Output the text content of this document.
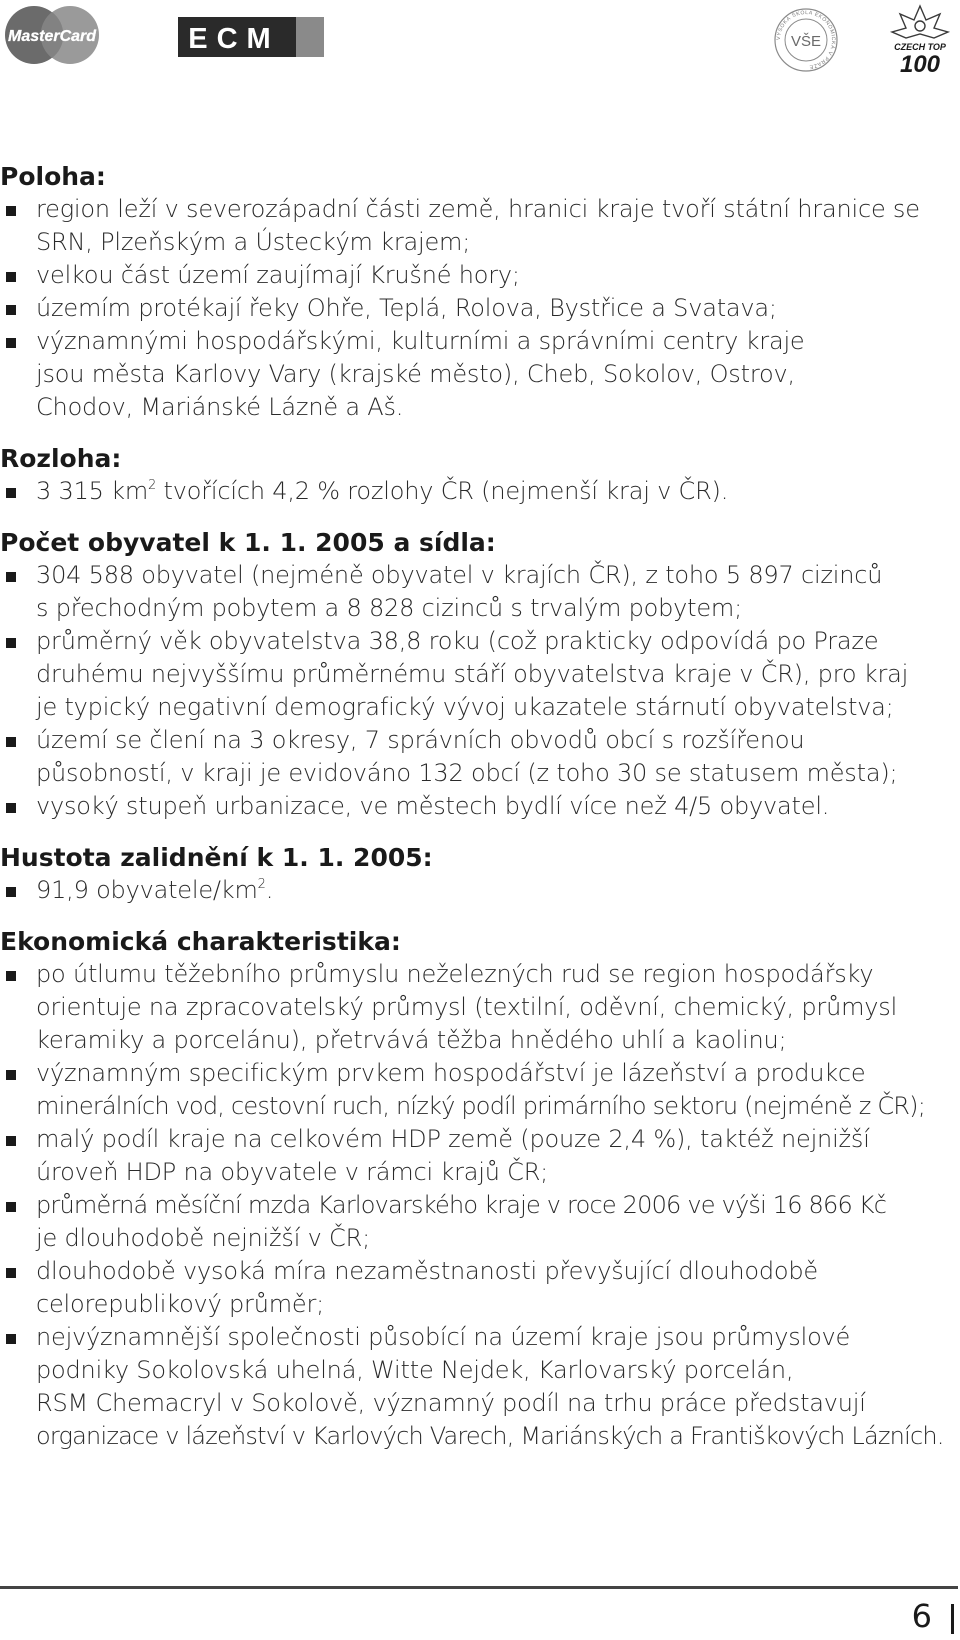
MasterCard	ECM	VYSOKÁ ŠKOLA EKONOMICKÁ V PRAZE
VŠE	CZECH TOP
100
Poloha:
region leží v severozápadní části země, hranici kraje tvoří státní hranice se
SRN, Plzeňským a Ústeckým krajem;
velkou část území zaujímají Krušné hory;
územím protékají řeky Ohře, Teplá, Rolova, Bystřice a Svatava;
významnými hospodářskými, kulturními a správními centry kraje
jsou města Karlovy Vary (krajské město), Cheb, Sokolov, Ostrov,
Chodov, Mariánské Lázně a Aš.
Rozloha:
3 315 $km^2$ tvořících 4,2 % rozlohy ČR (nejmenší kraj v ČR).
Počet obyvatel k 1. 1. 2005 a sídla:
304 588 obyvatel (nejméně obyvatel v krajích ČR), z toho 5 897 cizinců
s přechodným pobytem a 8 828 cizinců s trvalým pobytem;
průměrný věk obyvatelstva 38,8 roku (což prakticky odpovídá po Praze
druhému nejvyššímu průměrnému stáří obyvatelstva kraje v ČR), pro kraj
je typický negativní demografický vývoj ukazatele stárnutí obyvatelstva;
území se člení na 3 okresy, 7 správních obvodů obcí s rozšířenou
působností, v kraji je evidováno 132 obcí (z toho 30 se statusem města);
vysoký stupeň urbanizace, ve městech bydlí více než 4/5 obyvatel.
Hustota zalidnění k 1. 1. 2005:
91,9 obyvatele/$km^2$.
Ekonomická charakteristika:
po útlumu těžebního průmyslu neželezných rud se region hospodářsky
orientuje na zpracovatelský průmysl (textilní, oděvní, chemický, průmysl
keramiky a porcelánu), přetrvává těžba hnědého uhlí a kaolinu;
významným specifickým prvkem hospodářství je lázeňství a produkce
minerálních vod, cestovní ruch, nízký podíl primárního sektoru (nejméně z ČR);
malý podíl kraje na celkovém HDP země (pouze 2,4 %), taktéž nejnižší
úroveň HDP na obyvatele v rámci krajů ČR;
průměrná měsíční mzda Karlovarského kraje v roce 2006 ve výši 16 866 Kč
je dlouhodobě nejnižší v ČR;
dlouhodobě vysoká míra nezaměstnanosti převyšující dlouhodobě
celorepublikový průměr;
nejvýznamnější společnosti působící na území kraje jsou průmyslové
podniky Sokolovská uhelná, Witte Nejdek, Karlovarský porcelán,
RSM Chemacryl v Sokolově, významný podíl na trhu práce představují
organizace v lázeňství v Karlových Varech, Mariánských a Františkových Lázních.
6
